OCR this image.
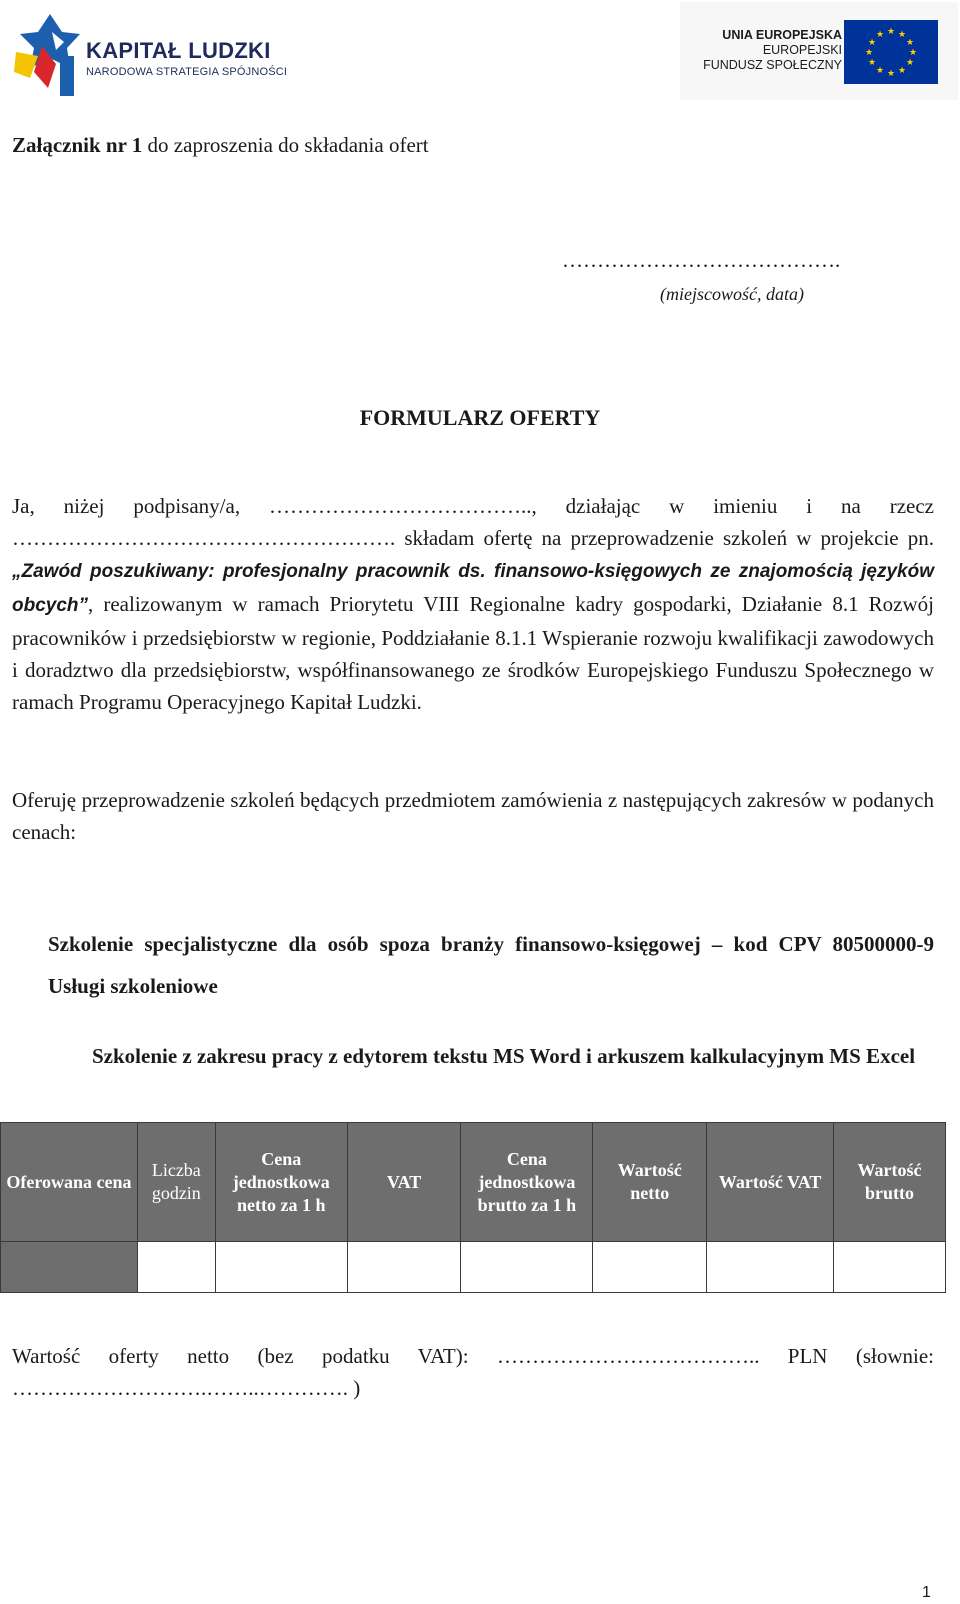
KAPITAŁ LUDZKI
NARODOWA STRATEGIA SPÓJNOŚCI
UNIA EUROPEJSKA
EUROPEJSKI
FUNDUSZ SPOŁECZNY
★ ★
★
★
★
★
★
★
★
★
★
★
Załącznik nr 1 do zaproszenia do składania ofert
………………………………….
(miejscowość, data)
FORMULARZ OFERTY
Ja, niżej podpisany/a, ……………………………….., działając w imieniu i na rzecz ………………………………………………. składam ofertę na przeprowadzenie szkoleń w projekcie pn. „Zawód poszukiwany: profesjonalny pracownik ds. finansowo-księgowych ze znajomością języków obcych”, realizowanym w ramach Priorytetu VIII Regionalne kadry gospodarki, Działanie 8.1 Rozwój pracowników i przedsiębiorstw w regionie, Poddziałanie 8.1.1 Wspieranie rozwoju kwalifikacji zawodowych i doradztwo dla przedsiębiorstw, współfinansowanego ze środków Europejskiego Funduszu Społecznego w ramach Programu Operacyjnego Kapitał Ludzki.
Oferuję przeprowadzenie szkoleń będących przedmiotem zamówienia z następujących zakresów w podanych cenach:
Szkolenie specjalistyczne dla osób spoza branży finansowo-księgowej – kod CPV 80500000-9 Usługi szkoleniowe
Szkolenie z zakresu pracy z edytorem tekstu MS Word i arkuszem kalkulacyjnym MS Excel
Oferowana cena	Liczba godzin	Cena jednostkowa netto za 1 h	VAT	Cena jednostkowa brutto za 1 h	Wartość netto	Wartość VAT	Wartość brutto

Wartość oferty netto (bez podatku VAT): ……………………………….. PLN (słownie: ……………………….……..…………. )
1
